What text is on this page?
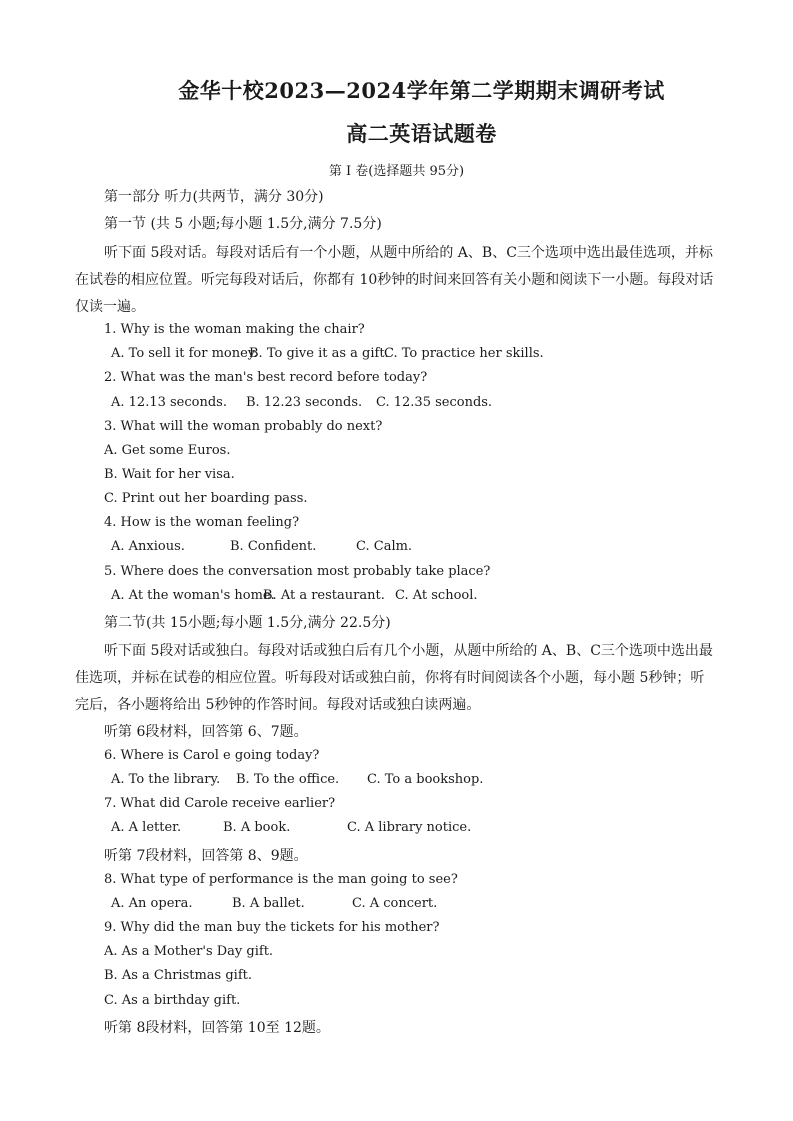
金华十校2023—2024学年第二学期期末调研考试
高二英语试题卷
第 I 卷(选择题共 95分)
第一部分 听力(共两节，满分 30分)
第一节 (共 5 小题;每小题 1.5分,满分 7.5分)
听下面 5段对话。每段对话后有一个小题，从题中所给的 A、B、C三个选项中选出最佳选项，并标
在试卷的相应位置。听完每段对话后，你都有 10秒钟的时间来回答有关小题和阅读下一小题。每段对话
仅读一遍。
1. Why is the woman making the chair?
A. To sell it for money.
B. To give it as a gift.
C. To practice her skills.
2. What was the man's best record before today?
A. 12.13 seconds. B. 12.23 seconds. C. 12.35 seconds.
3. What will the woman probably do next?
A. Get some Euros.
B. Wait for her visa.
C. Print out her boarding pass.
4. How is the woman feeling?
A. Anxious.	B. Confident.	C. Calm.
5. Where does the conversation most probably take place?
A. At the woman's home.
B. At a restaurant. C. At school.
第二节(共 15小题;每小题 1.5分,满分 22.5分)
听下面 5段对话或独白。每段对话或独白后有几个小题，从题中所给的 A、B、C三个选项中选出最
佳选项，并标在试卷的相应位置。听每段对话或独白前，你将有时间阅读各个小题，每小题 5秒钟；听
完后，各小题将给出 5秒钟的作答时间。每段对话或独白读两遍。
听第 6段材料，回答第 6、7题。
6. Where is Carol e going today?
A. To the library. B. To the office. C. To a bookshop.
7. What did Carole receive earlier?
A. A letter.	B. A book.	C. A library notice.
听第 7段材料，回答第 8、9题。
8. What type of performance is the man going to see?
A. An opera.	B. A ballet.	C. A concert.
9. Why did the man buy the tickets for his mother?
A. As a Mother's Day gift.
B. As a Christmas gift.
C. As a birthday gift.
听第 8段材料，回答第 10至 12题。
